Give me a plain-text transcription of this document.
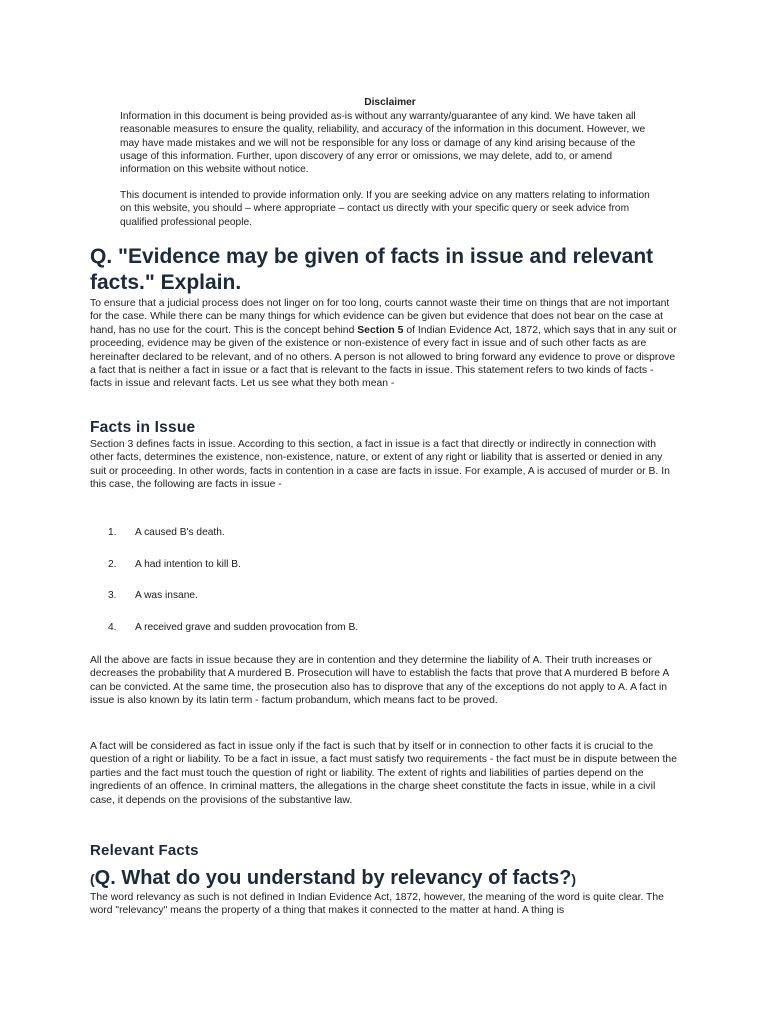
Disclaimer

Information in this document is being provided as-is without any warranty/guarantee of any kind. We have taken all reasonable measures to ensure the quality, reliability, and accuracy of the information in this document. However, we may have made mistakes and we will not be responsible for any loss or damage of any kind arising because of the usage of this information. Further, upon discovery of any error or omissions, we may delete, add to, or amend information on this website without notice.

This document is intended to provide information only. If you are seeking advice on any matters relating to information on this website, you should – where appropriate – contact us directly with your specific query or seek advice from qualified professional people.

Q. "Evidence may be given of facts in issue and relevant facts." Explain.

To ensure that a judicial process does not linger on for too long, courts cannot waste their time on things that are not important for the case. While there can be many things for which evidence can be given but evidence that does not bear on the case at hand, has no use for the court. This is the concept behind Section 5 of Indian Evidence Act, 1872, which says that in any suit or proceeding, evidence may be given of the existence or non-existence of every fact in issue and of such other facts as are hereinafter declared to be relevant, and of no others. A person is not allowed to bring forward any evidence to prove or disprove a fact that is neither a fact in issue or a fact that is relevant to the facts in issue. This statement refers to two kinds of facts - facts in issue and relevant facts. Let us see what they both mean -

Facts in Issue

Section 3 defines facts in issue. According to this section, a fact in issue is a fact that directly or indirectly in connection with other facts, determines the existence, non-existence, nature, or extent of any right or liability that is asserted or denied in any suit or proceeding. In other words, facts in contention in a case are facts in issue. For example, A is accused of murder or B. In this case, the following are facts in issue -

1.	A caused B's death.
2.	A had intention to kill B.
3.	A was insane.
4.	A received grave and sudden provocation from B.

All the above are facts in issue because they are in contention and they determine the liability of A. Their truth increases or decreases the probability that A murdered B. Prosecution will have to establish the facts that prove that A murdered B before A can be convicted. At the same time, the prosecution also has to disprove that any of the exceptions do not apply to A. A fact in issue is also known by its latin term - factum probandum, which means fact to be proved.

A fact will be considered as fact in issue only if the fact is such that by itself or in connection to other facts it is crucial to the question of a right or liability. To be a fact in issue, a fact must satisfy two requirements - the fact must be in dispute between the parties and the fact must touch the question of right or liability. The extent of rights and liabilities of parties depend on the ingredients of an offence. In criminal matters, the allegations in the charge sheet constitute the facts in issue, while in a civil case, it depends on the provisions of the substantive law.

Relevant Facts
(Q. What do you understand by relevancy of facts?)

The word relevancy as such is not defined in Indian Evidence Act, 1872, however, the meaning of the word is quite clear. The word "relevancy" means the property of a thing that makes it connected to the matter at hand. A thing is
